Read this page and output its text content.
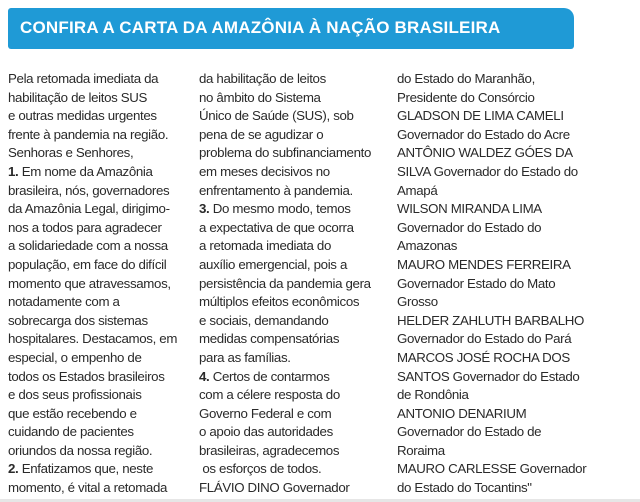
CONFIRA A CARTA DA AMAZÔNIA À NAÇÃO BRASILEIRA
Pela retomada imediata da
habilitação de leitos SUS
e outras medidas urgentes
frente à pandemia na região.
Senhoras e Senhores,
1. Em nome da Amazônia
brasileira, nós, governadores
da Amazônia Legal, dirigimo-
nos a todos para agradecer
a solidariedade com a nossa
população, em face do difícil
momento que atravessamos,
notadamente com a
sobrecarga dos sistemas
hospitalares. Destacamos, em
especial, o empenho de
todos os Estados brasileiros
e dos seus profissionais
que estão recebendo e
cuidando de pacientes
oriundos da nossa região.
2. Enfatizamos que, neste
momento, é vital a retomada
da habilitação de leitos
no âmbito do Sistema
Único de Saúde (SUS), sob
pena de se agudizar o
problema do subfinanciamento
em meses decisivos no
enfrentamento à pandemia.
3. Do mesmo modo, temos
a expectativa de que ocorra
a retomada imediata do
auxílio emergencial, pois a
persistência da pandemia gera
múltiplos efeitos econômicos
e sociais, demandando
medidas compensatórias
para as famílias.
4. Certos de contarmos
com a célere resposta do
Governo Federal e com
o apoio das autoridades
brasileiras, agradecemos
os esforços de todos.
FLÁVIO DINO Governador
do Estado do Maranhão,
Presidente do Consórcio
GLADSON DE LIMA CAMELI
Governador do Estado do Acre
ANTÔNIO WALDEZ GÓES DA
SILVA Governador do Estado do
Amapá
WILSON MIRANDA LIMA
Governador do Estado do
Amazonas
MAURO MENDES FERREIRA
Governador Estado do Mato
Grosso
HELDER ZAHLUTH BARBALHO
Governador do Estado do Pará
MARCOS JOSÉ ROCHA DOS
SANTOS Governador do Estado
de Rondônia
ANTONIO DENARIUM
Governador do Estado de
Roraima
MAURO CARLESSE Governador
do Estado do Tocantins"
